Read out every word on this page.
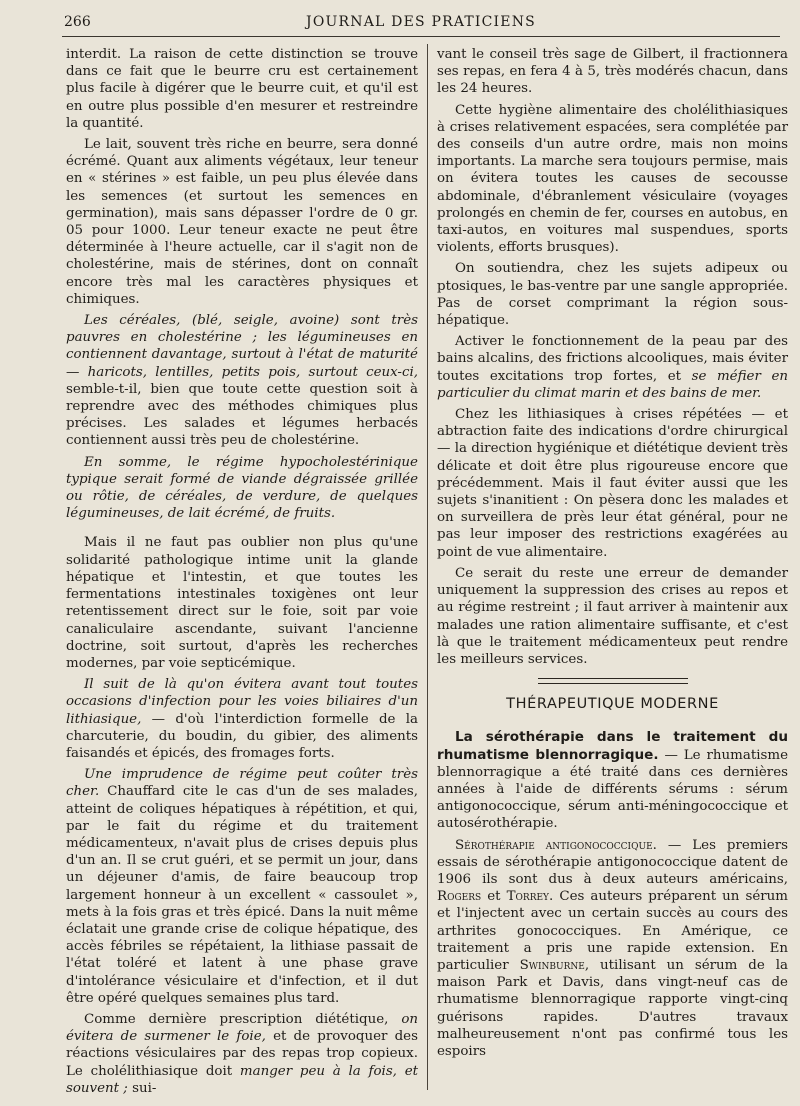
266	JOURNAL DES PRATICIENS

interdit. La raison de cette distinction se trouve dans ce fait que le beurre cru est certainement plus facile à digérer que le beurre cuit, et qu'il est en outre plus possible d'en mesurer et restreindre la quantité.

Le lait, souvent très riche en beurre, sera donné écrémé. Quant aux aliments végétaux, leur teneur en « stérines » est faible, un peu plus élevée dans les semences (et surtout les semences en germination), mais sans dépasser l'ordre de 0 gr. 05 pour 1000. Leur teneur exacte ne peut être déterminée à l'heure actuelle, car il s'agit non de cholestérine, mais de stérines, dont on connaît encore très mal les caractères physiques et chimiques.

Les céréales, (blé, seigle, avoine) sont très pauvres en cholestérine ; les légumineuses en contiennent davantage, surtout à l'état de maturité — haricots, lentilles, petits pois, surtout ceux-ci, semble-t-il, bien que toute cette question soit à reprendre avec des méthodes chimiques plus précises. Les salades et légumes herbacés contiennent aussi très peu de cholestérine.

En somme, le régime hypocholestérinique typique serait formé de viande dégraissée grillée ou rôtie, de céréales, de verdure, de quelques légumineuses, de lait écrémé, de fruits.

Mais il ne faut pas oublier non plus qu'une solidarité pathologique intime unit la glande hépatique et l'intestin, et que toutes les fermentations intestinales toxigènes ont leur retentissement direct sur le foie, soit par voie canaliculaire ascendante, suivant l'ancienne doctrine, soit surtout, d'après les recherches modernes, par voie septicémique.

Il suit de là qu'on évitera avant tout toutes occasions d'infection pour les voies biliaires d'un lithiasique, — d'où l'interdiction formelle de la charcuterie, du boudin, du gibier, des aliments faisandés et épicés, des fromages forts.

Une imprudence de régime peut coûter très cher. Chauffard cite le cas d'un de ses malades, atteint de coliques hépatiques à répétition, et qui, par le fait du régime et du traitement médicamenteux, n'avait plus de crises depuis plus d'un an. Il se crut guéri, et se permit un jour, dans un déjeuner d'amis, de faire beaucoup trop largement honneur à un excellent « cassoulet », mets à la fois gras et très épicé. Dans la nuit même éclatait une grande crise de colique hépatique, des accès fébriles se répétaient, la lithiase passait de l'état toléré et latent à une phase grave d'intolérance vésiculaire et d'infection, et il dut être opéré quelques semaines plus tard.

Comme dernière prescription diététique, on évitera de surmener le foie, et de provoquer des réactions vésiculaires par des repas trop copieux. Le cholélithiasique doit manger peu à la fois, et souvent ; sui-

vant le conseil très sage de Gilbert, il fractionnera ses repas, en fera 4 à 5, très modérés chacun, dans les 24 heures.

Cette hygiène alimentaire des cholélithiasiques à crises relativement espacées, sera complétée par des conseils d'un autre ordre, mais non moins importants. La marche sera toujours permise, mais on évitera toutes les causes de secousse abdominale, d'ébranlement vésiculaire (voyages prolongés en chemin de fer, courses en autobus, en taxi-autos, en voitures mal suspendues, sports violents, efforts brusques).

On soutiendra, chez les sujets adipeux ou ptosiques, le bas-ventre par une sangle appropriée. Pas de corset comprimant la région sous-hépatique.

Activer le fonctionnement de la peau par des bains alcalins, des frictions alcooliques, mais éviter toutes excitations trop fortes, et se méfier en particulier du climat marin et des bains de mer.

Chez les lithiasiques à crises répétées — et abtraction faite des indications d'ordre chirurgical — la direction hygiénique et diététique devient très délicate et doit être plus rigoureuse encore que précédemment. Mais il faut éviter aussi que les sujets s'inanitient : On pèsera donc les malades et on surveillera de près leur état général, pour ne pas leur imposer des restrictions exagérées au point de vue alimentaire.

Ce serait du reste une erreur de demander uniquement la suppression des crises au repos et au régime restreint ; il faut arriver à maintenir aux malades une ration alimentaire suffisante, et c'est là que le traitement médicamenteux peut rendre les meilleurs services.

THÉRAPEUTIQUE MODERNE

La sérothérapie dans le traitement du rhumatisme blennorragique. — Le rhumatisme blennorragique a été traité dans ces dernières années à l'aide de différents sérums : sérum antigonococcique, sérum anti-méningococcique et autosérothérapie.

Sérothérapie antigonococcique. — Les premiers essais de sérothérapie antigonococcique datent de 1906 ils sont dus à deux auteurs américains, Rogers et Torrey. Ces auteurs préparent un sérum et l'injectent avec un certain succès au cours des arthrites gonococciques. En Amérique, ce traitement a pris une rapide extension. En particulier Swinburne, utilisant un sérum de la maison Park et Davis, dans vingt-neuf cas de rhumatisme blennorragique rapporte vingt-cinq guérisons rapides. D'autres travaux malheureusement n'ont pas confirmé tous les espoirs
